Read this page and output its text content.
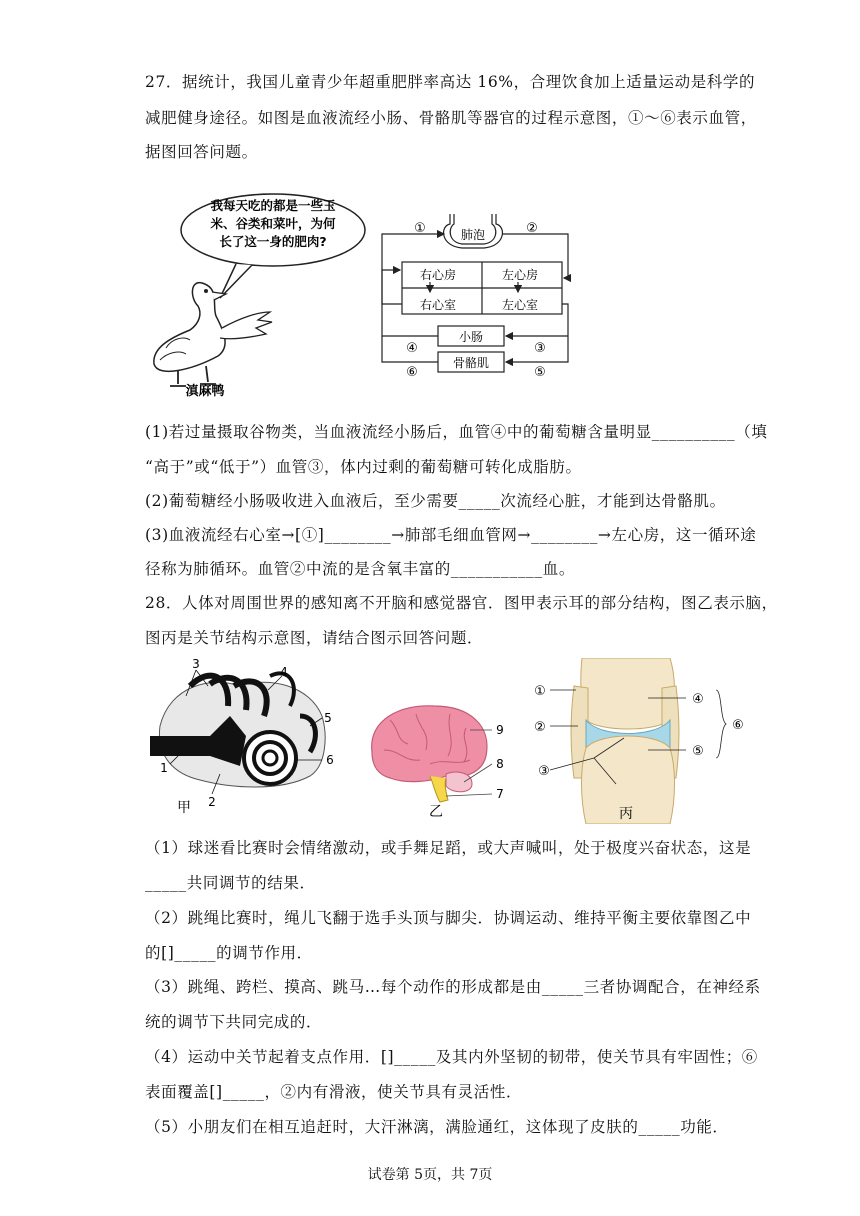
27．据统计，我国儿童青少年超重肥胖率高达 16%，合理饮食加上适量运动是科学的
减肥健身途径。如图是血液流经小肠、骨骼肌等器官的过程示意图，①～⑥表示血管，
据图回答问题。
我每天吃的都是一些玉
米、谷类和菜叶，为何
长了这一身的肥肉?
滇麻鸭
①	②
肺泡
右心房	左心房
右心室	左心室
小肠
骨骼肌
④
⑥
③
⑤
(1)若过量摄取谷物类，当血液流经小肠后，血管④中的葡萄糖含量明显__________（填
“高于”或“低于”）血管③，体内过剩的葡萄糖可转化成脂肪。
(2)葡萄糖经小肠吸收进入血液后，至少需要_____次流经心脏，才能到达骨骼肌。
(3)血液流经右心室→[①]________→肺部毛细血管网→________→左心房，这一循环途
径称为肺循环。血管②中流的是含氧丰富的___________血。
28．人体对周围世界的感知离不开脑和感觉器官．图甲表示耳的部分结构，图乙表示脑，
图丙是关节结构示意图，请结合图示回答问题．
3
4
5
6
1
2
甲
9
8
7
乙
①
②
③
④
⑤
⑥
丙
（1）球迷看比赛时会情绪激动，或手舞足蹈，或大声喊叫，处于极度兴奋状态，这是
_____共同调节的结果．
（2）跳绳比赛时，绳儿飞翻于选手头顶与脚尖．协调运动、维持平衡主要依靠图乙中
的[]_____的调节作用．
（3）跳绳、跨栏、摸高、跳马…每个动作的形成都是由_____三者协调配合，在神经系
统的调节下共同完成的．
（4）运动中关节起着支点作用．[]_____及其内外坚韧的韧带，使关节具有牢固性；⑥
表面覆盖[]_____，②内有滑液，使关节具有灵活性．
（5）小朋友们在相互追赶时，大汗淋漓，满脸通红，这体现了皮肤的_____功能．
试卷第 5页，共 7页
